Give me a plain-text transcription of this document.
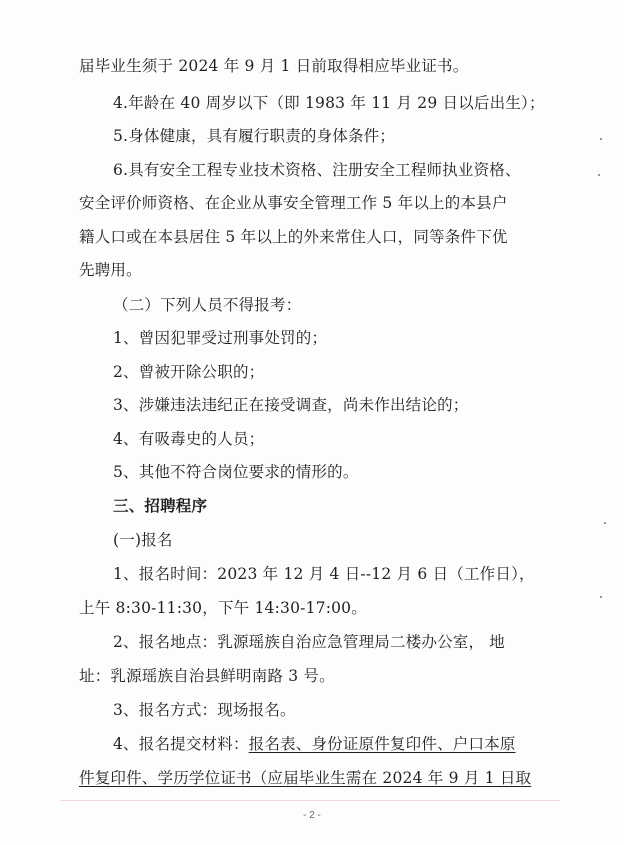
届毕业生须于 2024 年 9 月 1 日前取得相应毕业证书。
4.年龄在 40 周岁以下（即 1983 年 11 月 29 日以后出生）；
5.身体健康，具有履行职责的身体条件；
6.具有安全工程专业技术资格、注册安全工程师执业资格、
安全评价师资格、在企业从事安全管理工作 5 年以上的本县户
籍人口或在本县居住 5 年以上的外来常住人口，同等条件下优
先聘用。
（二）下列人员不得报考：
1、曾因犯罪受过刑事处罚的；
2、曾被开除公职的；
3、涉嫌违法违纪正在接受调查，尚未作出结论的；
4、有吸毒史的人员；
5、其他不符合岗位要求的情形的。
三、招聘程序
(一)报名
1、报名时间：2023 年 12 月 4 日--12 月 6 日（工作日），
上午 8:30-11:30，下午 14:30-17:00。
2、报名地点：乳源瑶族自治应急管理局二楼办公室， 地
址：乳源瑶族自治县鲜明南路 3 号。
3、报名方式：现场报名。
4、报名提交材料：报名表、身份证原件复印件、户口本原
件复印件、学历学位证书（应届毕业生需在 2024 年 9 月 1 日取
- 2 -
